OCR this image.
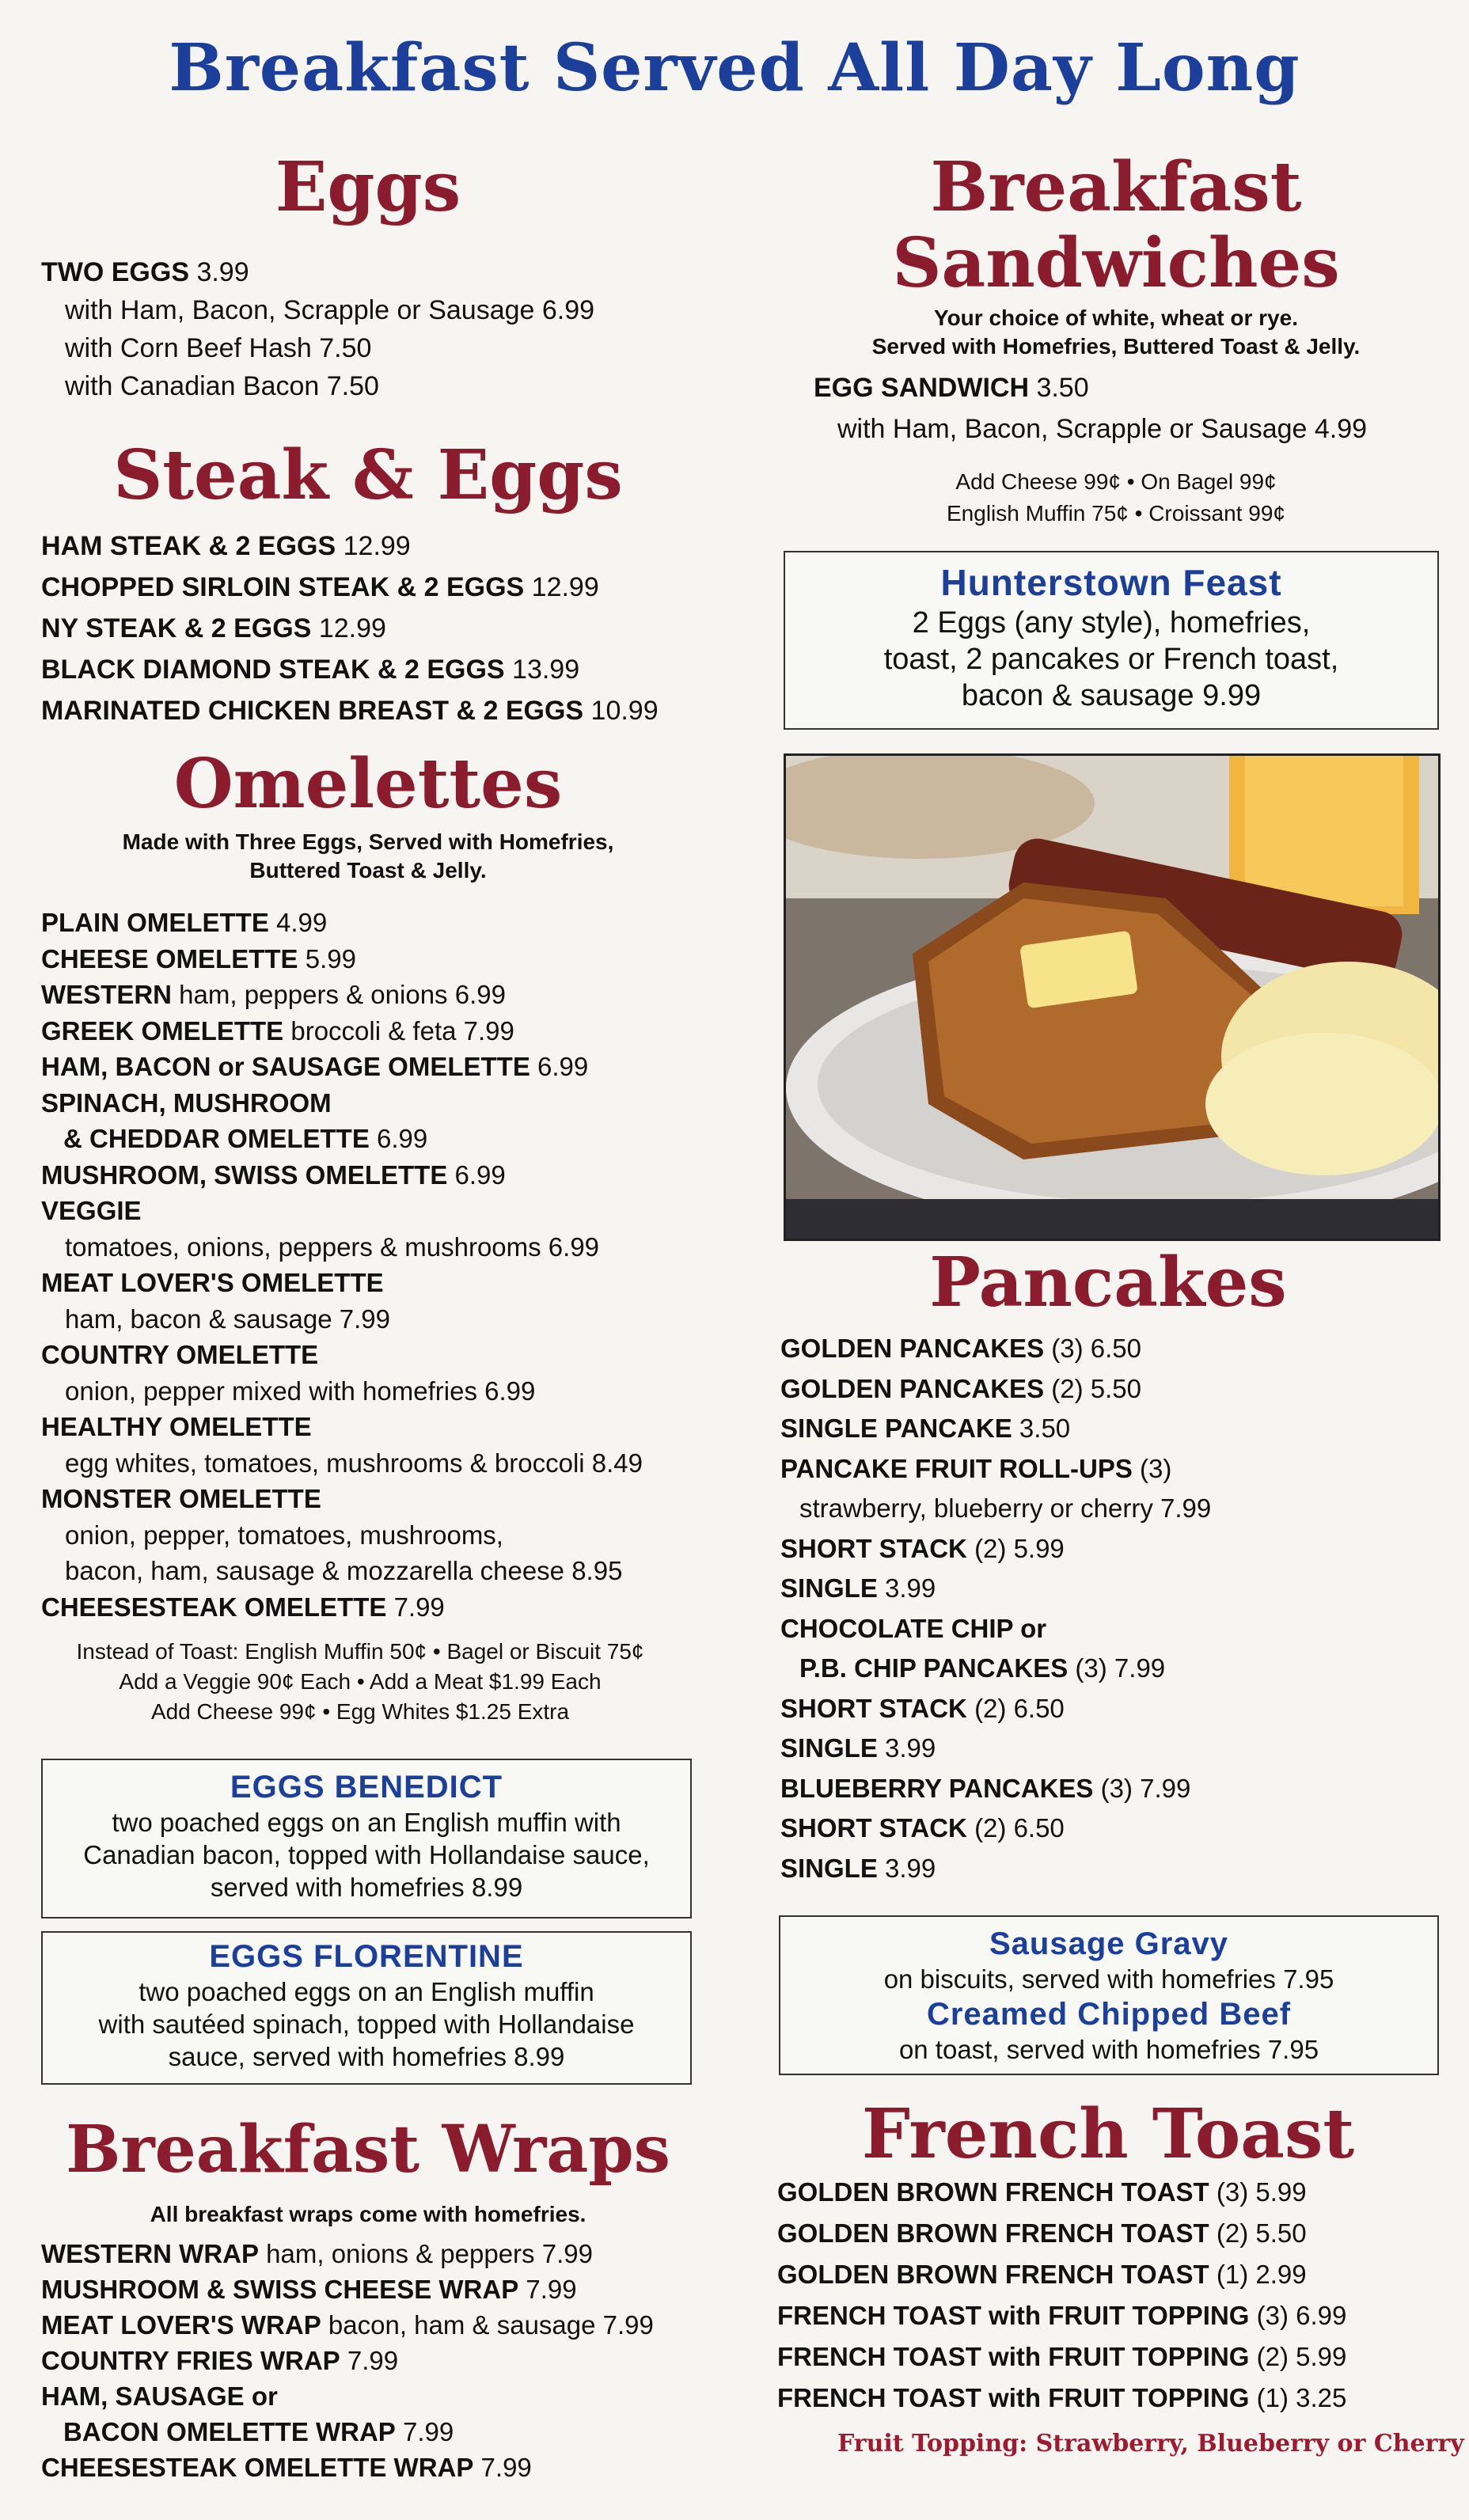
Breakfast Served All Day Long
Eggs
TWO EGGS 3.99
with Ham, Bacon, Scrapple or Sausage 6.99
with Corn Beef Hash 7.50
with Canadian Bacon 7.50
Steak & Eggs
HAM STEAK & 2 EGGS 12.99
CHOPPED SIRLOIN STEAK & 2 EGGS 12.99
NY STEAK & 2 EGGS 12.99
BLACK DIAMOND STEAK & 2 EGGS 13.99
MARINATED CHICKEN BREAST & 2 EGGS 10.99
Omelettes
Made with Three Eggs, Served with Homefries,
Buttered Toast & Jelly.
PLAIN OMELETTE 4.99
CHEESE OMELETTE 5.99
WESTERN ham, peppers & onions 6.99
GREEK OMELETTE broccoli & feta 7.99
HAM, BACON or SAUSAGE OMELETTE 6.99
SPINACH, MUSHROOM
& CHEDDAR OMELETTE 6.99
MUSHROOM, SWISS OMELETTE 6.99
VEGGIE
tomatoes, onions, peppers & mushrooms 6.99
MEAT LOVER'S OMELETTE
ham, bacon & sausage 7.99
COUNTRY OMELETTE
onion, pepper mixed with homefries 6.99
HEALTHY OMELETTE
egg whites, tomatoes, mushrooms & broccoli 8.49
MONSTER OMELETTE
onion, pepper, tomatoes, mushrooms,
bacon, ham, sausage & mozzarella cheese 8.95
CHEESESTEAK OMELETTE 7.99
Instead of Toast: English Muffin 50¢ • Bagel or Biscuit 75¢
Add a Veggie 90¢ Each • Add a Meat $1.99 Each
Add Cheese 99¢ • Egg Whites $1.25 Extra
EGGS BENEDICT
two poached eggs on an English muffin with
Canadian bacon, topped with Hollandaise sauce,
served with homefries 8.99
EGGS FLORENTINE
two poached eggs on an English muffin
with sautéed spinach, topped with Hollandaise
sauce, served with homefries 8.99
Breakfast Wraps
All breakfast wraps come with homefries.
WESTERN WRAP ham, onions & peppers 7.99
MUSHROOM & SWISS CHEESE WRAP 7.99
MEAT LOVER'S WRAP bacon, ham & sausage 7.99
COUNTRY FRIES WRAP 7.99
HAM, SAUSAGE or
BACON OMELETTE WRAP 7.99
CHEESESTEAK OMELETTE WRAP 7.99
Breakfast
Sandwiches
Your choice of white, wheat or rye.
Served with Homefries, Buttered Toast & Jelly.
EGG SANDWICH 3.50
with Ham, Bacon, Scrapple or Sausage 4.99
Add Cheese 99¢ • On Bagel 99¢
English Muffin 75¢ • Croissant 99¢
Hunterstown Feast
2 Eggs (any style), homefries,
toast, 2 pancakes or French toast,
bacon & sausage 9.99
Pancakes
GOLDEN PANCAKES (3) 6.50
GOLDEN PANCAKES (2) 5.50
SINGLE PANCAKE 3.50
PANCAKE FRUIT ROLL-UPS (3)
strawberry, blueberry or cherry 7.99
SHORT STACK (2) 5.99
SINGLE 3.99
CHOCOLATE CHIP or
P.B. CHIP PANCAKES (3) 7.99
SHORT STACK (2) 6.50
SINGLE 3.99
BLUEBERRY PANCAKES (3) 7.99
SHORT STACK (2) 6.50
SINGLE 3.99
Sausage Gravy
on biscuits, served with homefries 7.95
Creamed Chipped Beef
on toast, served with homefries 7.95
French Toast
GOLDEN BROWN FRENCH TOAST (3) 5.99
GOLDEN BROWN FRENCH TOAST (2) 5.50
GOLDEN BROWN FRENCH TOAST (1) 2.99
FRENCH TOAST with FRUIT TOPPING (3) 6.99
FRENCH TOAST with FRUIT TOPPING (2) 5.99
FRENCH TOAST with FRUIT TOPPING (1) 3.25
Fruit Topping: Strawberry, Blueberry or Cherry
